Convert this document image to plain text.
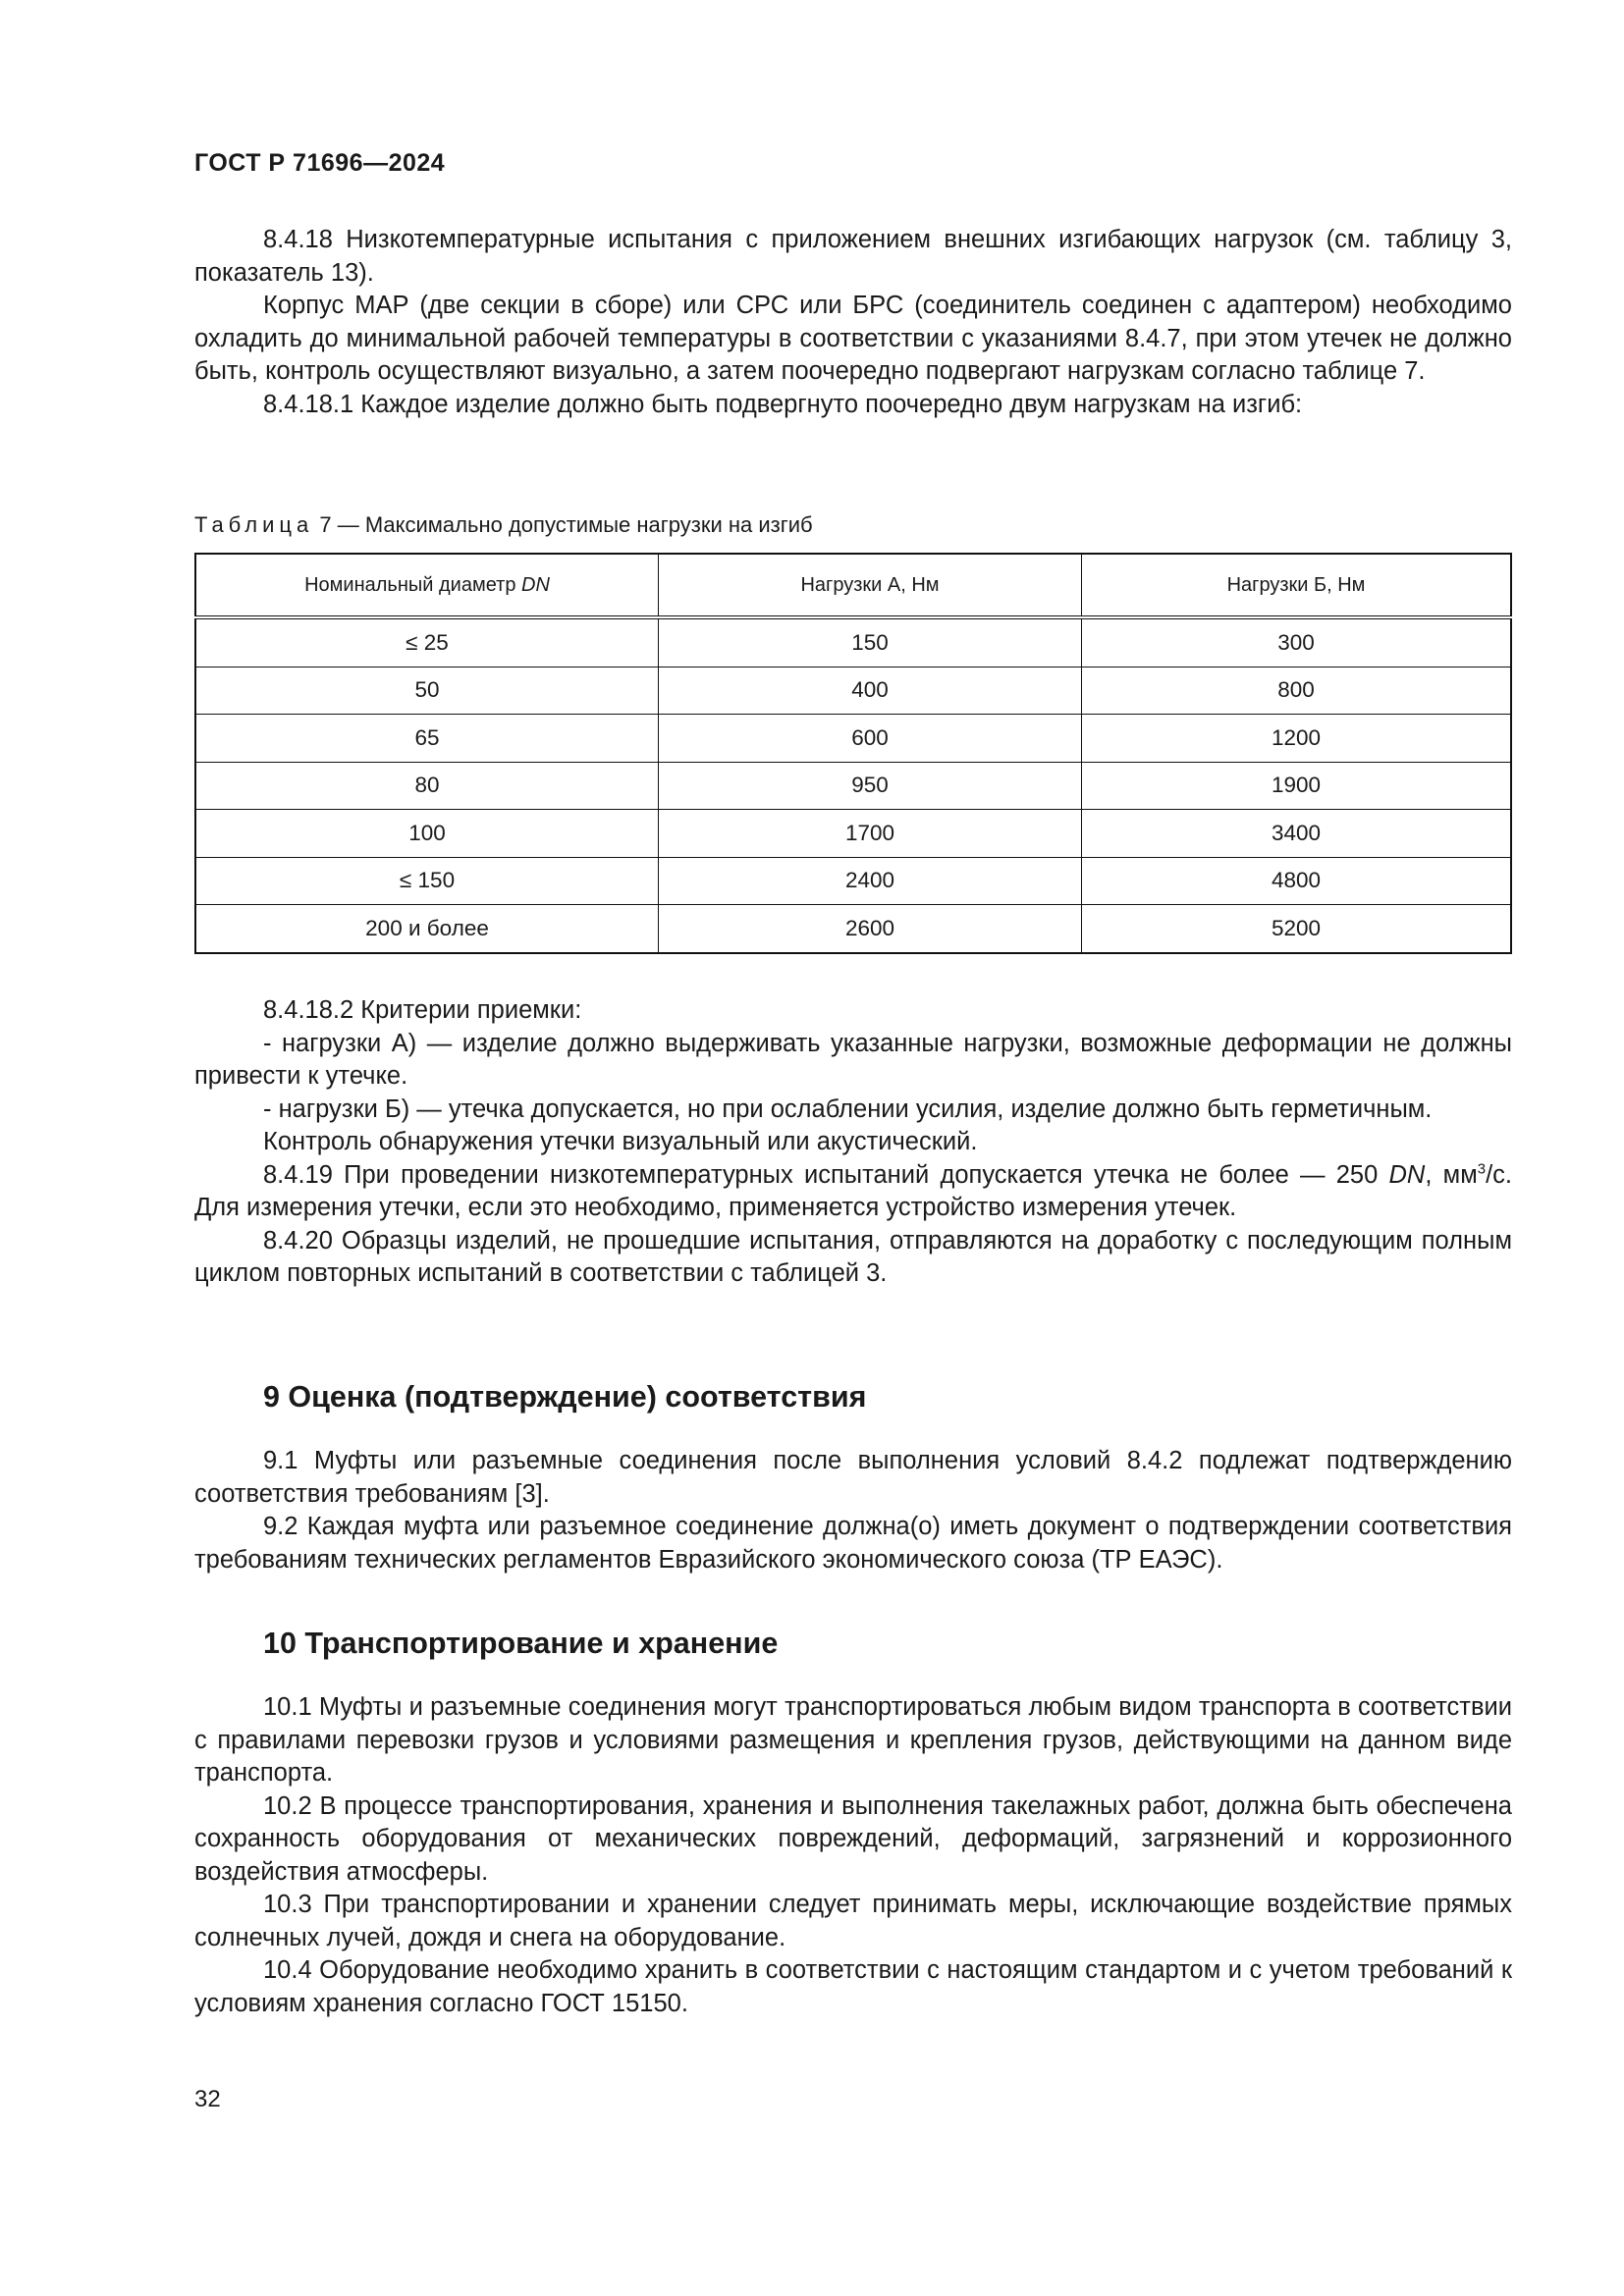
ГОСТ Р 71696—2024

8.4.18 Низкотемпературные испытания с приложением внешних изгибающих нагрузок (см. таблицу 3, показатель 13).

Корпус МАР (две секции в сборе) или СРС или БРС (соединитель соединен с адаптером) необходимо охладить до минимальной рабочей температуры в соответствии с указаниями 8.4.7, при этом утечек не должно быть, контроль осуществляют визуально, а затем поочередно подвергают нагрузкам согласно таблице 7.

8.4.18.1 Каждое изделие должно быть подвергнуто поочередно двум нагрузкам на изгиб:

Таблица 7 — Максимально допустимые нагрузки на изгиб
Номинальный диаметр DN	Нагрузки А, Нм	Нагрузки Б, Нм
≤ 25	150	300
50	400	800
65	600	1200
80	950	1900
100	1700	3400
≤ 150	2400	4800
200 и более	2600	5200

8.4.18.2 Критерии приемки:

- нагрузки А) — изделие должно выдерживать указанные нагрузки, возможные деформации не должны привести к утечке.

- нагрузки Б) — утечка допускается, но при ослаблении усилия, изделие должно быть герметичным.

Контроль обнаружения утечки визуальный или акустический.

8.4.19 При проведении низкотемпературных испытаний допускается утечка не более — 250 DN, $мм^3/с$. Для измерения утечки, если это необходимо, применяется устройство измерения утечек.

8.4.20 Образцы изделий, не прошедшие испытания, отправляются на доработку с последующим полным циклом повторных испытаний в соответствии с таблицей 3.

9 Оценка (подтверждение) соответствия

9.1 Муфты или разъемные соединения после выполнения условий 8.4.2 подлежат подтверждению соответствия требованиям [3].

9.2 Каждая муфта или разъемное соединение должна(о) иметь документ о подтверждении соответствия требованиям технических регламентов Евразийского экономического союза (ТР ЕАЭС).

10 Транспортирование и хранение

10.1 Муфты и разъемные соединения могут транспортироваться любым видом транспорта в соответствии с правилами перевозки грузов и условиями размещения и крепления грузов, действующими на данном виде транспорта.

10.2 В процессе транспортирования, хранения и выполнения такелажных работ, должна быть обеспечена сохранность оборудования от механических повреждений, деформаций, загрязнений и коррозионного воздействия атмосферы.

10.3 При транспортировании и хранении следует принимать меры, исключающие воздействие прямых солнечных лучей, дождя и снега на оборудование.

10.4 Оборудование необходимо хранить в соответствии с настоящим стандартом и с учетом требований к условиям хранения согласно ГОСТ 15150.

32
